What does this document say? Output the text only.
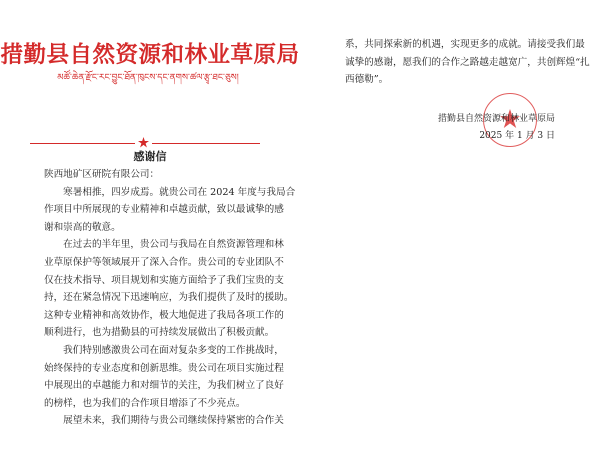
措勤县自然资源和林业草原局
མཚོ་ཆེན་རྫོང་རང་བྱུང་ཐོན་ཁུངས་དང་ནགས་ཚལ་རྩྭ་ཐང་ཅུས།
感谢信
陕西地矿区研院有限公司：
　　寒暑相推，四岁成焉。就贵公司在 2024 年度与我局合
作项目中所展现的专业精神和卓越贡献，致以最诚挚的感
谢和崇高的敬意。
　　在过去的半年里，贵公司与我局在自然资源管理和林
业草原保护等领域展开了深入合作。贵公司的专业团队不
仅在技术指导、项目规划和实施方面给予了我们宝贵的支
持，还在紧急情况下迅速响应，为我们提供了及时的援助。
这种专业精神和高效协作，极大地促进了我局各项工作的
顺利进行，也为措勤县的可持续发展做出了积极贡献。
　　我们特别感激贵公司在面对复杂多变的工作挑战时，
始终保持的专业态度和创新思维。贵公司在项目实施过程
中展现出的卓越能力和对细节的关注，为我们树立了良好
的榜样，也为我们的合作项目增添了不少亮点。
　　展望未来，我们期待与贵公司继续保持紧密的合作关
系，共同探索新的机遇，实现更多的成就。请接受我们最
诚挚的感谢，愿我们的合作之路越走越宽广，共创辉煌“扎
西德勒”。
措勤县自然资源和林业草原局
2025 年 1 月 3 日
